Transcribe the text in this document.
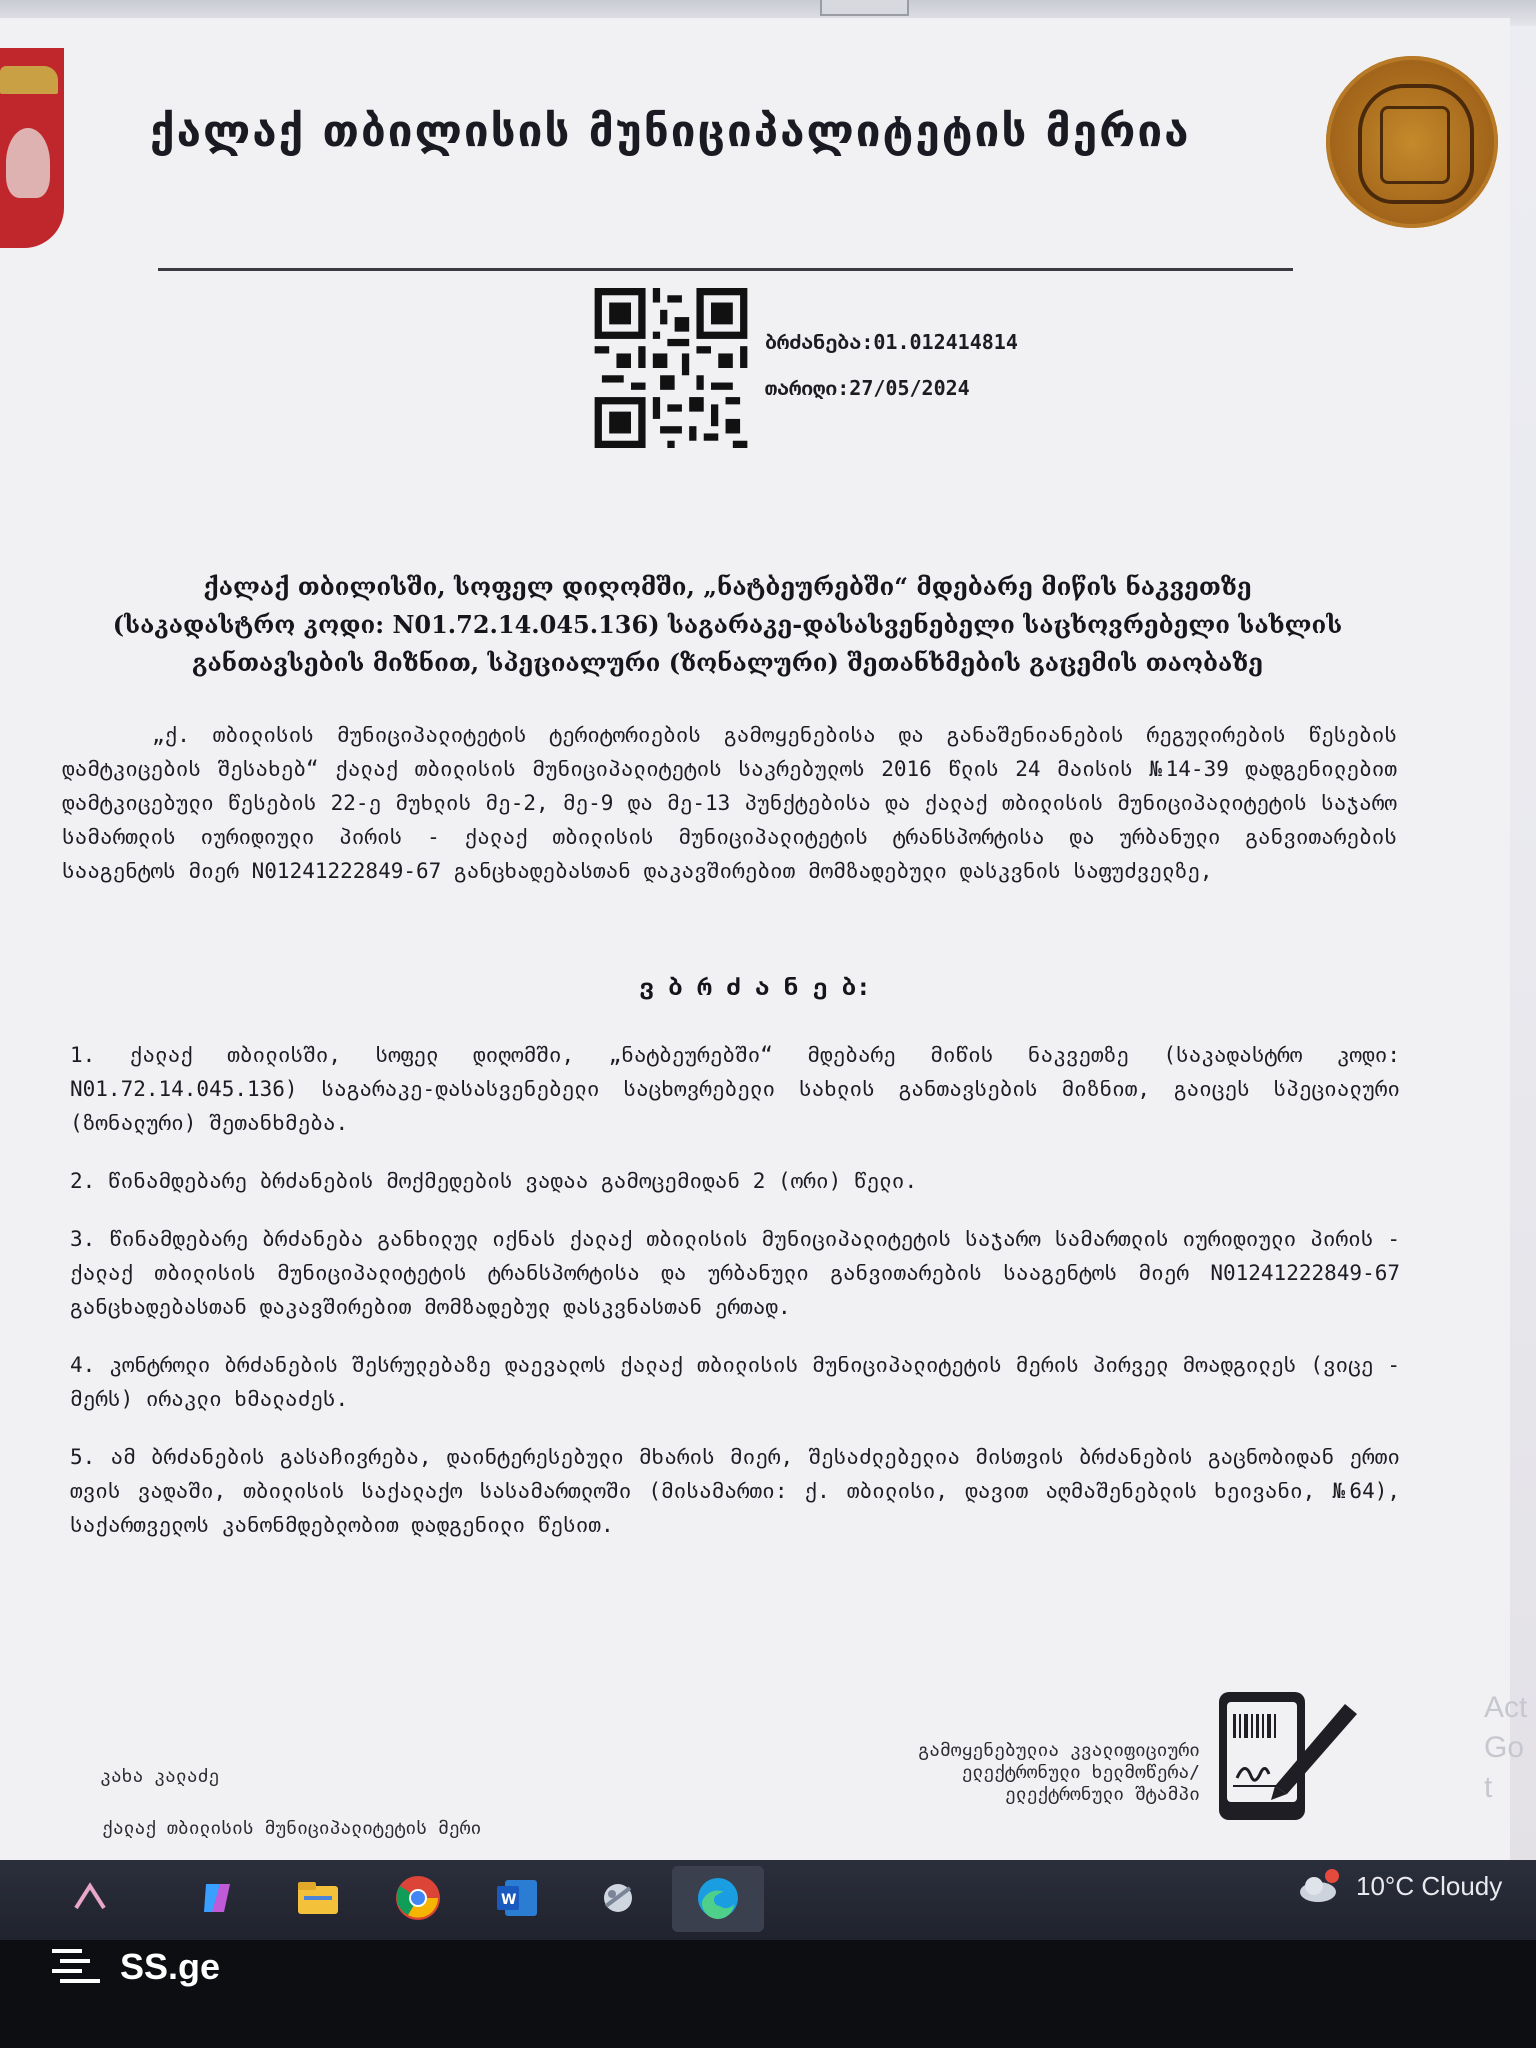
ქალაქ თბილისის მუნიციპალიტეტის მერია
ბრძანება:01.012414814
თარიღი:27/05/2024
ქალაქ თბილისში, სოფელ დიღომში, „ნატბეურებში“ მდებარე მიწის ნაკვეთზე
(საკადასტრო კოდი: N01.72.14.045.136) საგარაკე-დასასვენებელი საცხოვრებელი სახლის
განთავსების მიზნით, სპეციალური (ზონალური) შეთანხმების გაცემის თაობაზე
„ქ. თბილისის მუნიციპალიტეტის ტერიტორიების გამოყენებისა და განაშენიანების რეგულირების წესების დამტკიცების შესახებ“ ქალაქ თბილისის მუნიციპალიტეტის საკრებულოს 2016 წლის 24 მაისის №14-39 დადგენილებით დამტკიცებული წესების 22-ე მუხლის მე-2, მე-9 და მე-13 პუნქტებისა და ქალაქ თბილისის მუნიციპალიტეტის საჯარო სამართლის იურიდიული პირის - ქალაქ თბილისის მუნიციპალიტეტის ტრანსპორტისა და ურბანული განვითარების სააგენტოს მიერ N01241222849-67 განცხადებასთან დაკავშირებით მომზადებული დასკვნის საფუძველზე,
ვ ბ რ ძ ა ნ ე ბ:
1. ქალაქ თბილისში, სოფელ დიღომში, „ნატბეურებში“ მდებარე მიწის ნაკვეთზე (საკადასტრო კოდი: N01.72.14.045.136) საგარაკე-დასასვენებელი საცხოვრებელი სახლის განთავსების მიზნით, გაიცეს სპეციალური (ზონალური) შეთანხმება.
2. წინამდებარე ბრძანების მოქმედების ვადაა გამოცემიდან 2 (ორი) წელი.
3. წინამდებარე ბრძანება განხილულ იქნას ქალაქ თბილისის მუნიციპალიტეტის საჯარო სამართლის იურიდიული პირის - ქალაქ თბილისის მუნიციპალიტეტის ტრანსპორტისა და ურბანული განვითარების სააგენტოს მიერ N01241222849-67 განცხადებასთან დაკავშირებით მომზადებულ დასკვნასთან ერთად.
4. კონტროლი ბრძანების შესრულებაზე დაევალოს ქალაქ თბილისის მუნიციპალიტეტის მერის პირველ მოადგილეს (ვიცე - მერს) ირაკლი ხმალაძეს.
5. ამ ბრძანების გასაჩივრება, დაინტერესებული მხარის მიერ, შესაძლებელია მისთვის ბრძანების გაცნობიდან ერთი თვის ვადაში, თბილისის საქალაქო სასამართლოში (მისამართი: ქ. თბილისი, დავით აღმაშენებლის ხეივანი, №64), საქართველოს კანონმდებლობით დადგენილი წესით.
კახა კალაძე
ქალაქ თბილისის მუნიციპალიტეტის მერი
გამოყენებულია კვალიფიციური
ელექტრონული ხელმოწერა/
ელექტრონული შტამპი
Act
Go t
W	10°C Cloudy
SS.ge
